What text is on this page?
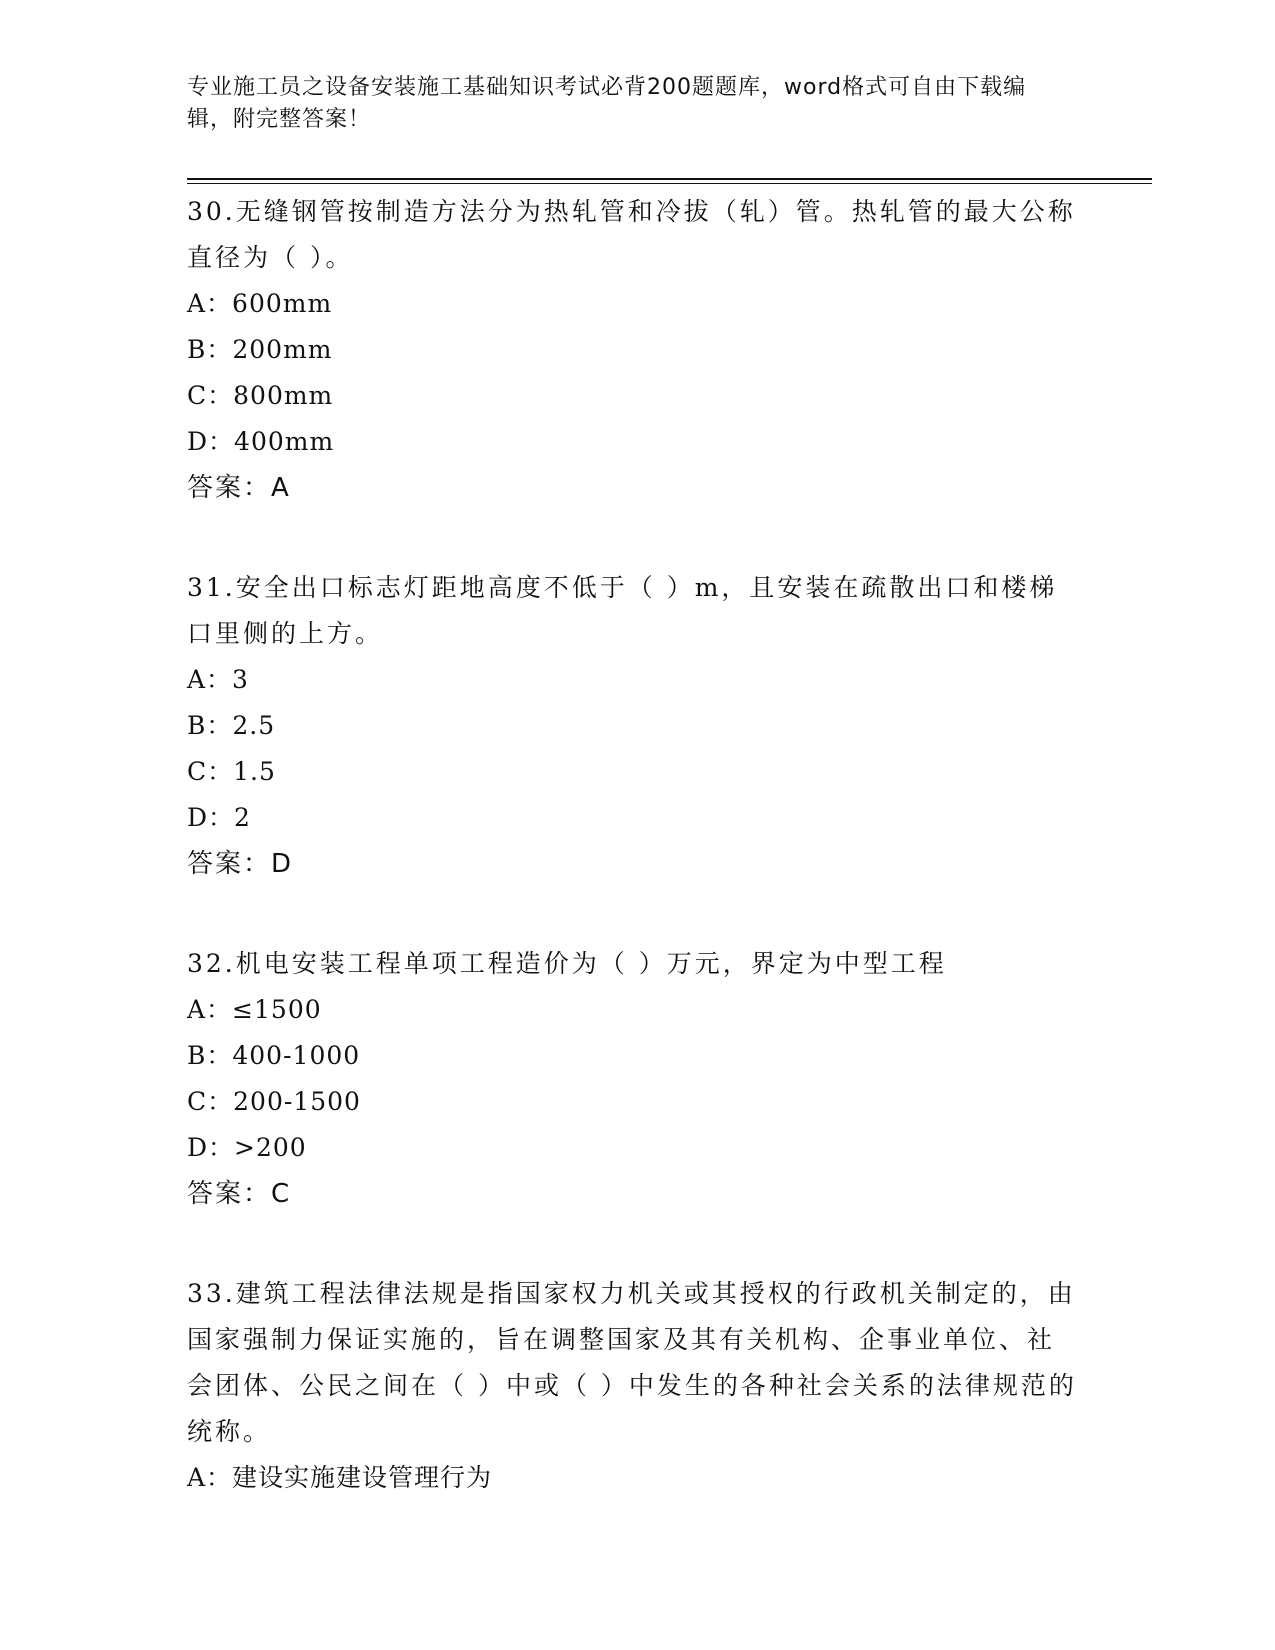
专业施工员之设备安装施工基础知识考试必背200题题库，word格式可自由下载编辑，附完整答案！

30.无缝钢管按制造方法分为热轧管和冷拔（轧）管。热轧管的最大公称直径为（ ）。

A：600mm

B：200mm

C：800mm

D：400mm

答案：A

31.安全出口标志灯距地高度不低于（ ）m，且安装在疏散出口和楼梯口里侧的上方。

A：3

B：2.5

C：1.5

D：2

答案：D

32.机电安装工程单项工程造价为（ ）万元，界定为中型工程

A：≤1500

B：400-1000

C：200-1500

D：>200

答案：C

33.建筑工程法律法规是指国家权力机关或其授权的行政机关制定的，由国家强制力保证实施的，旨在调整国家及其有关机构、企事业单位、社会团体、公民之间在（ ）中或（ ）中发生的各种社会关系的法律规范的统称。

A：建设实施建设管理行为
